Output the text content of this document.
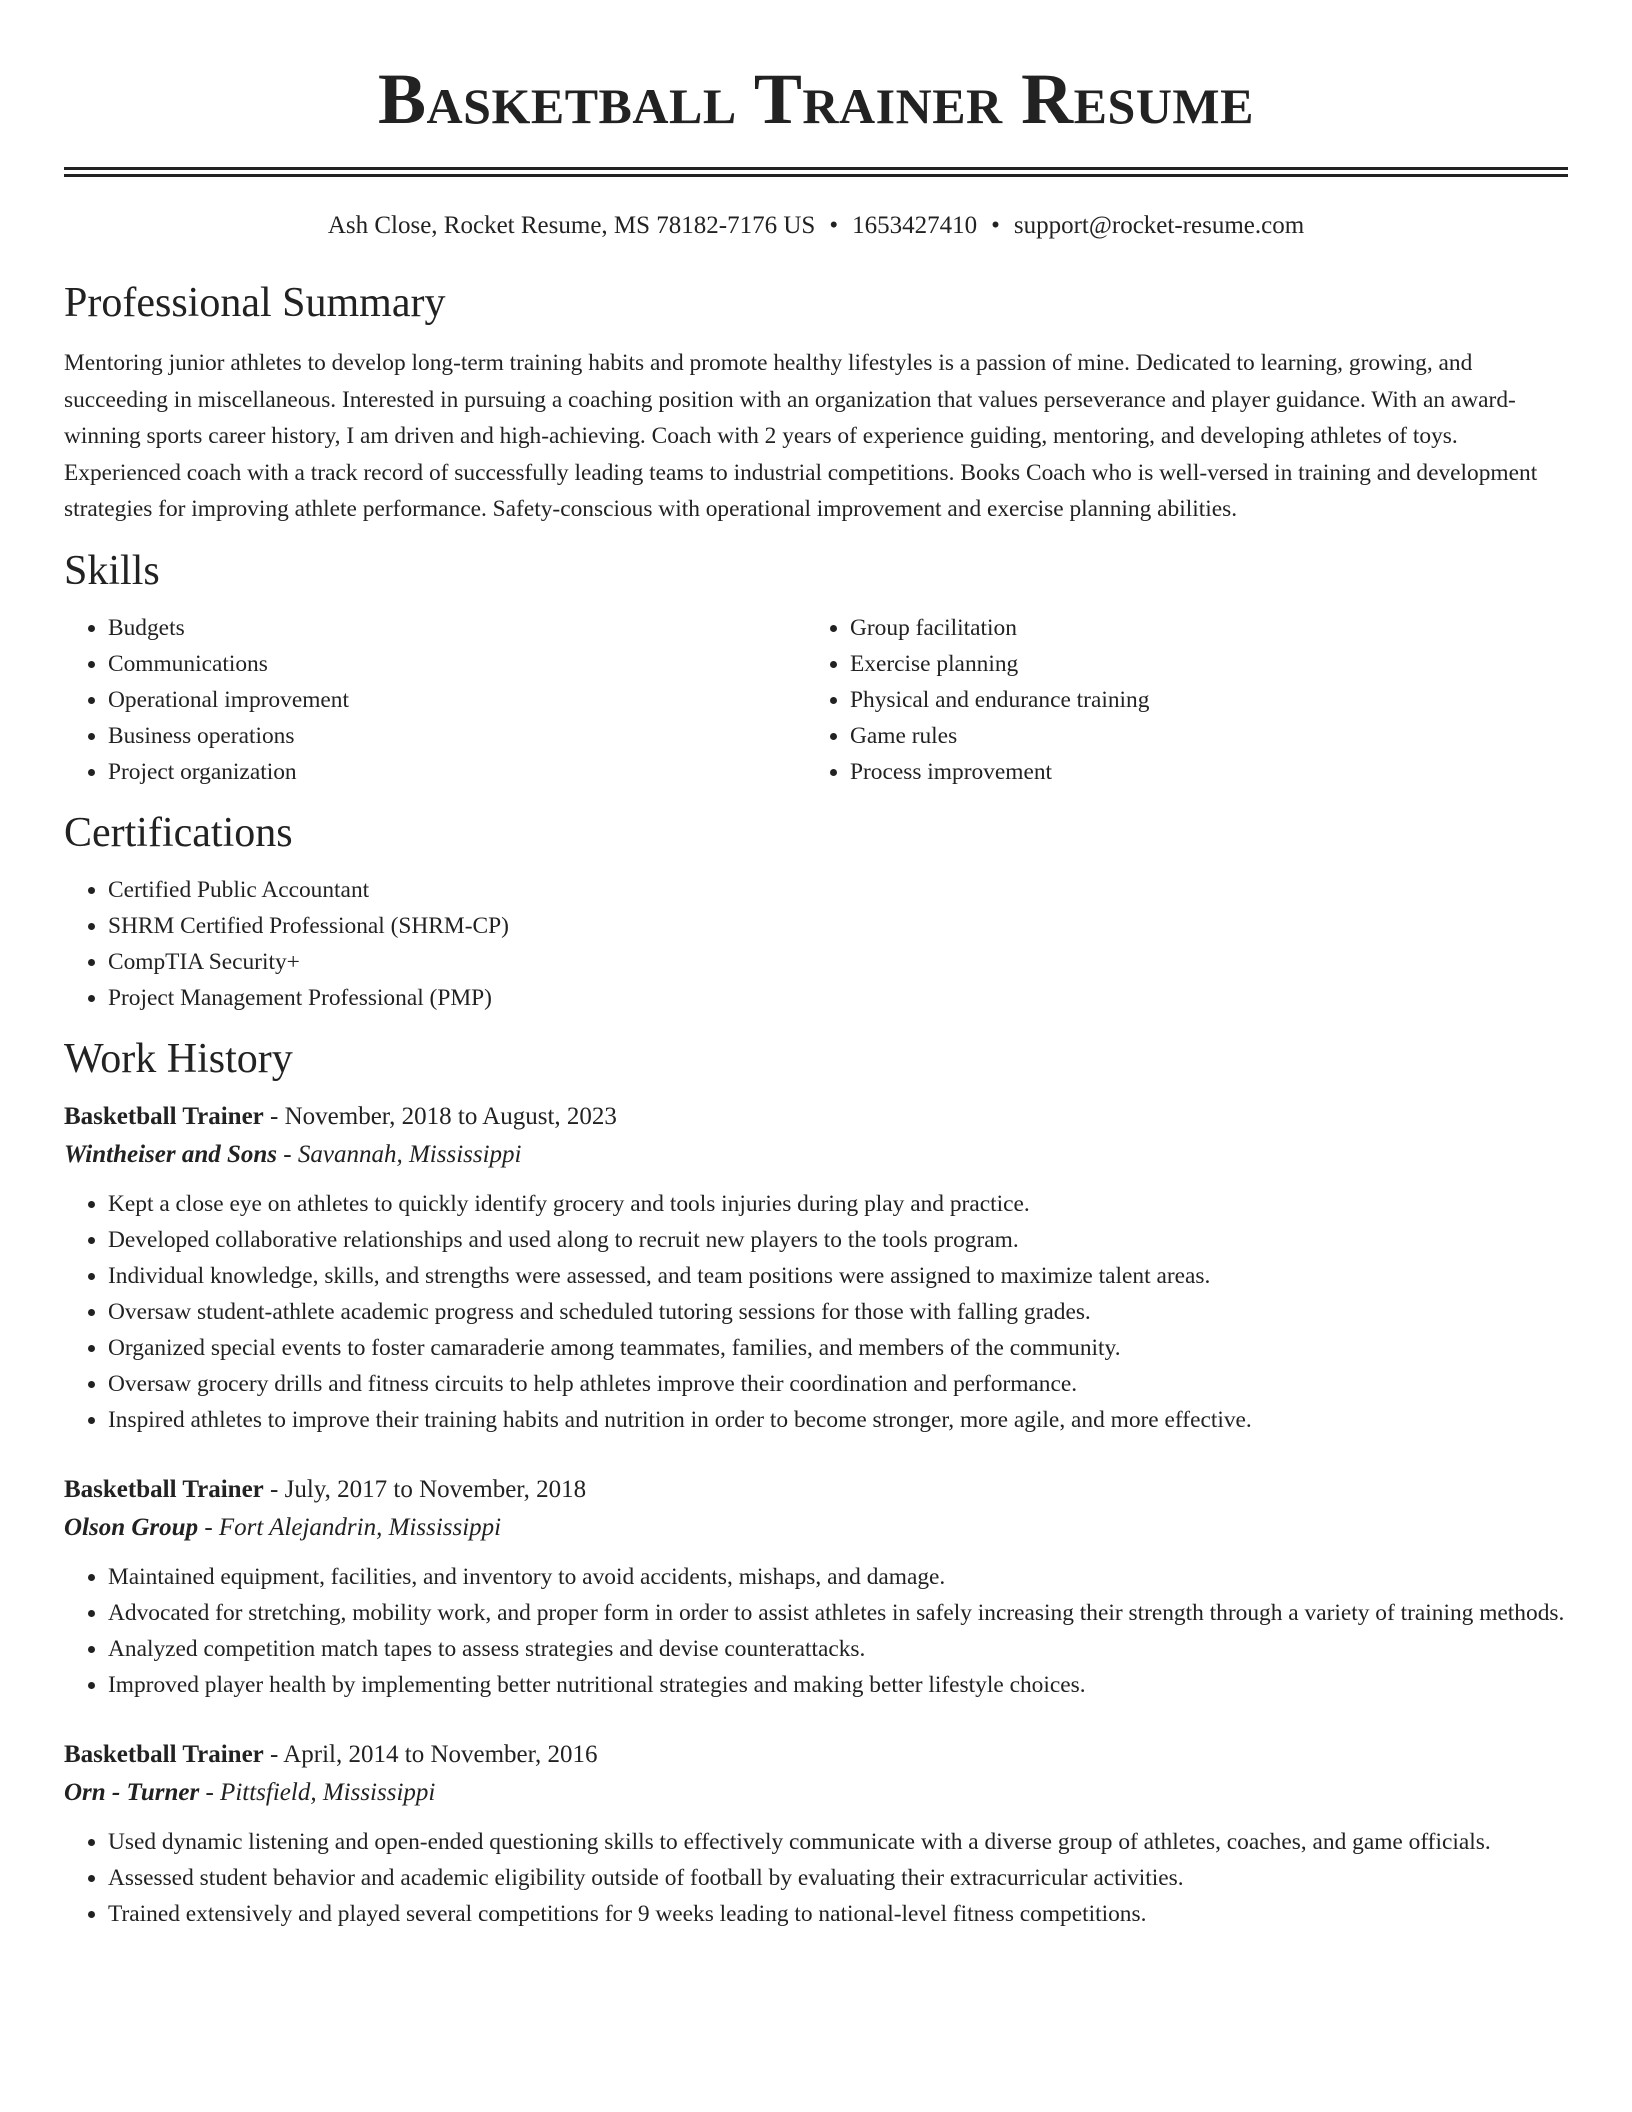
Basketball Trainer Resume
Ash Close, Rocket Resume, MS 78182-7176 US • 1653427410 • support@rocket-resume.com
Professional Summary

Mentoring junior athletes to develop long-term training habits and promote healthy lifestyles is a passion of mine. Dedicated to learning, growing, and succeeding in miscellaneous. Interested in pursuing a coaching position with an organization that values perseverance and player guidance. With an award-winning sports career history, I am driven and high-achieving. Coach with 2 years of experience guiding, mentoring, and developing athletes of toys. Experienced coach with a track record of successfully leading teams to industrial competitions. Books Coach who is well-versed in training and development strategies for improving athlete performance. Safety-conscious with operational improvement and exercise planning abilities.

Skills
• Budgets
• Communications
• Operational improvement
• Business operations
• Project organization
• Group facilitation
• Exercise planning
• Physical and endurance training
• Game rules
• Process improvement
Certifications
• Certified Public Accountant
• SHRM Certified Professional (SHRM-CP)
• CompTIA Security+
• Project Management Professional (PMP)
Work History
Basketball Trainer - November, 2018 to August, 2023
Wintheiser and Sons - Savannah, Mississippi
• Kept a close eye on athletes to quickly identify grocery and tools injuries during play and practice.
• Developed collaborative relationships and used along to recruit new players to the tools program.
• Individual knowledge, skills, and strengths were assessed, and team positions were assigned to maximize talent areas.
• Oversaw student-athlete academic progress and scheduled tutoring sessions for those with falling grades.
• Organized special events to foster camaraderie among teammates, families, and members of the community.
• Oversaw grocery drills and fitness circuits to help athletes improve their coordination and performance.
• Inspired athletes to improve their training habits and nutrition in order to become stronger, more agile, and more effective.
Basketball Trainer - July, 2017 to November, 2018
Olson Group - Fort Alejandrin, Mississippi
• Maintained equipment, facilities, and inventory to avoid accidents, mishaps, and damage.
• Advocated for stretching, mobility work, and proper form in order to assist athletes in safely increasing their strength through a variety of training methods.
• Analyzed competition match tapes to assess strategies and devise counterattacks.
• Improved player health by implementing better nutritional strategies and making better lifestyle choices.
Basketball Trainer - April, 2014 to November, 2016
Orn - Turner - Pittsfield, Mississippi
• Used dynamic listening and open-ended questioning skills to effectively communicate with a diverse group of athletes, coaches, and game officials.
• Assessed student behavior and academic eligibility outside of football by evaluating their extracurricular activities.
• Trained extensively and played several competitions for 9 weeks leading to national-level fitness competitions.
